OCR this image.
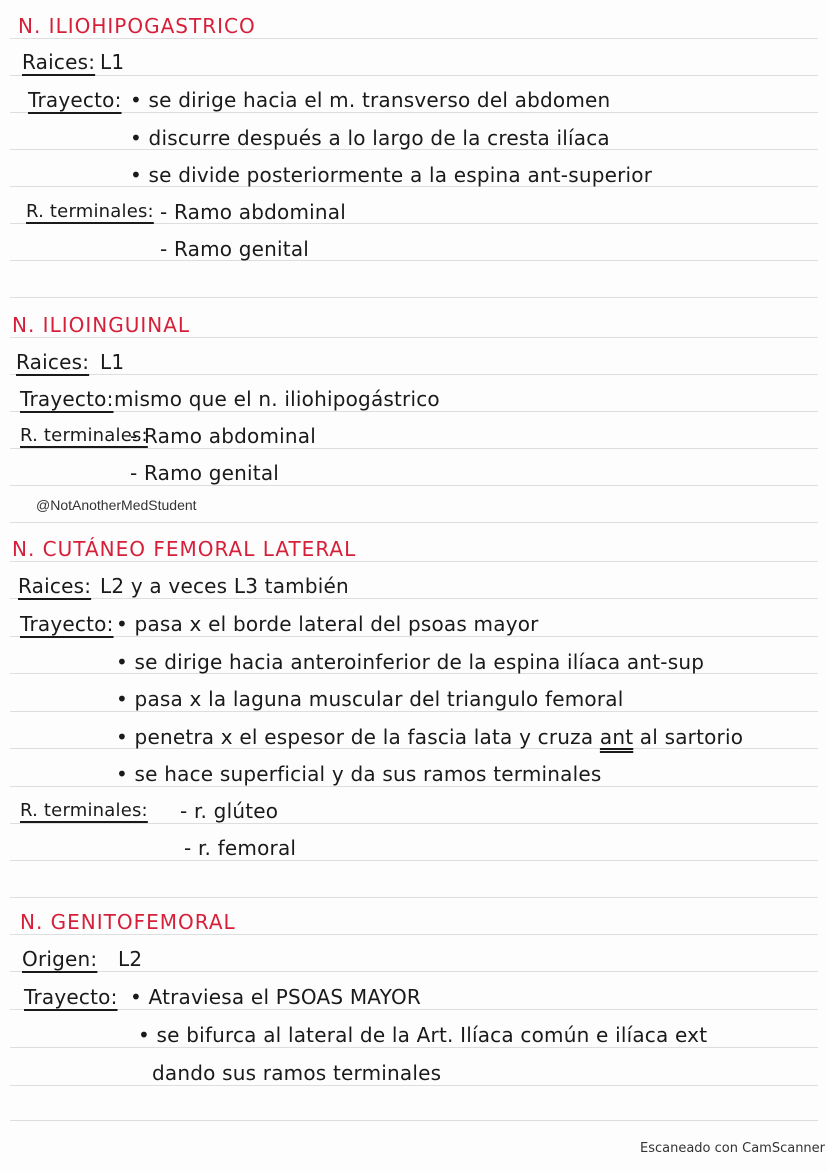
N. ILIOHIPOGASTRICO
Raices: L1
Trayecto: • se dirige hacia el m. transverso del abdomen
• discurre después a lo largo de la cresta ilíaca
• se divide posteriormente a la espina ant-superior
R. terminales: - Ramo abdominal
- Ramo genital
N. ILIOINGUINAL
Raices: L1
Trayecto: mismo que el n. iliohipogástrico
R. terminales:
- Ramo abdominal
- Ramo genital
@NotAnotherMedStudent
N. CUTÁNEO FEMORAL LATERAL
Raices: L2 y a veces L3 también
Trayecto: • pasa x el borde lateral del psoas mayor
• se dirige hacia anteroinferior de la espina ilíaca ant-sup
• pasa x la laguna muscular del triangulo femoral
• penetra x el espesor de la fascia lata y cruza ant al sartorio
• se hace superficial y da sus ramos terminales
R. terminales: - r. glúteo
- r. femoral
N. GENITOFEMORAL
Origen: L2
Trayecto: • Atraviesa el PSOAS MAYOR
• se bifurca al lateral de la Art. Ilíaca común e ilíaca ext
dando sus ramos terminales
Escaneado con CamScanner
